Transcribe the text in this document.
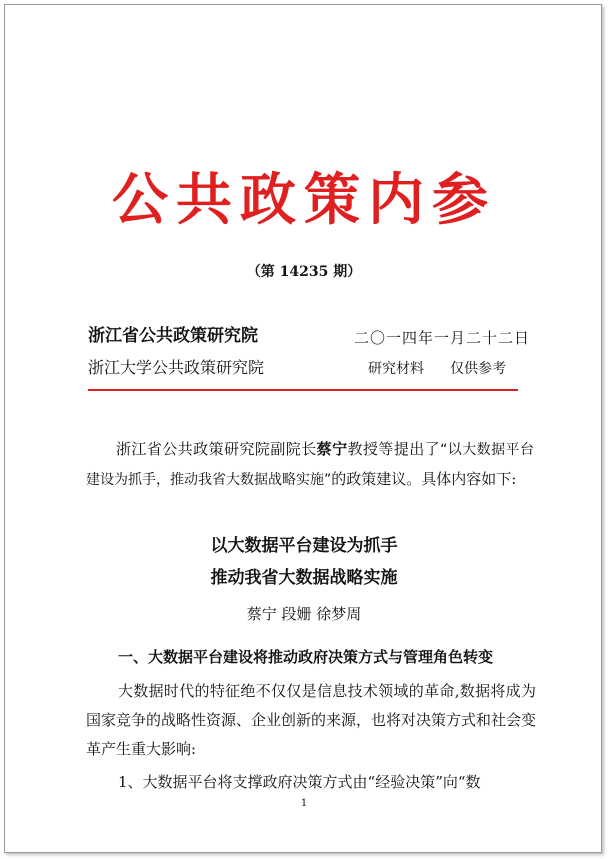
公共政策内参
（第 14235 期）
浙江省公共政策研究院	二〇一四年一月二十二日
浙江大学公共政策研究院	研究材料 仅供参考
浙江省公共政策研究院副院长蔡宁教授等提出了“以大数据平台建设为抓手，推动我省大数据战略实施”的政策建议。具体内容如下:
以大数据平台建设为抓手
推动我省大数据战略实施
蔡宁 段姗 徐梦周
一、大数据平台建设将推动政府决策方式与管理角色转变
大数据时代的特征绝不仅仅是信息技术领域的革命,数据将成为国家竞争的战略性资源、企业创新的来源，也将对决策方式和社会变革产生重大影响:
1、大数据平台将支撑政府决策方式由“经验决策”向“数
1
